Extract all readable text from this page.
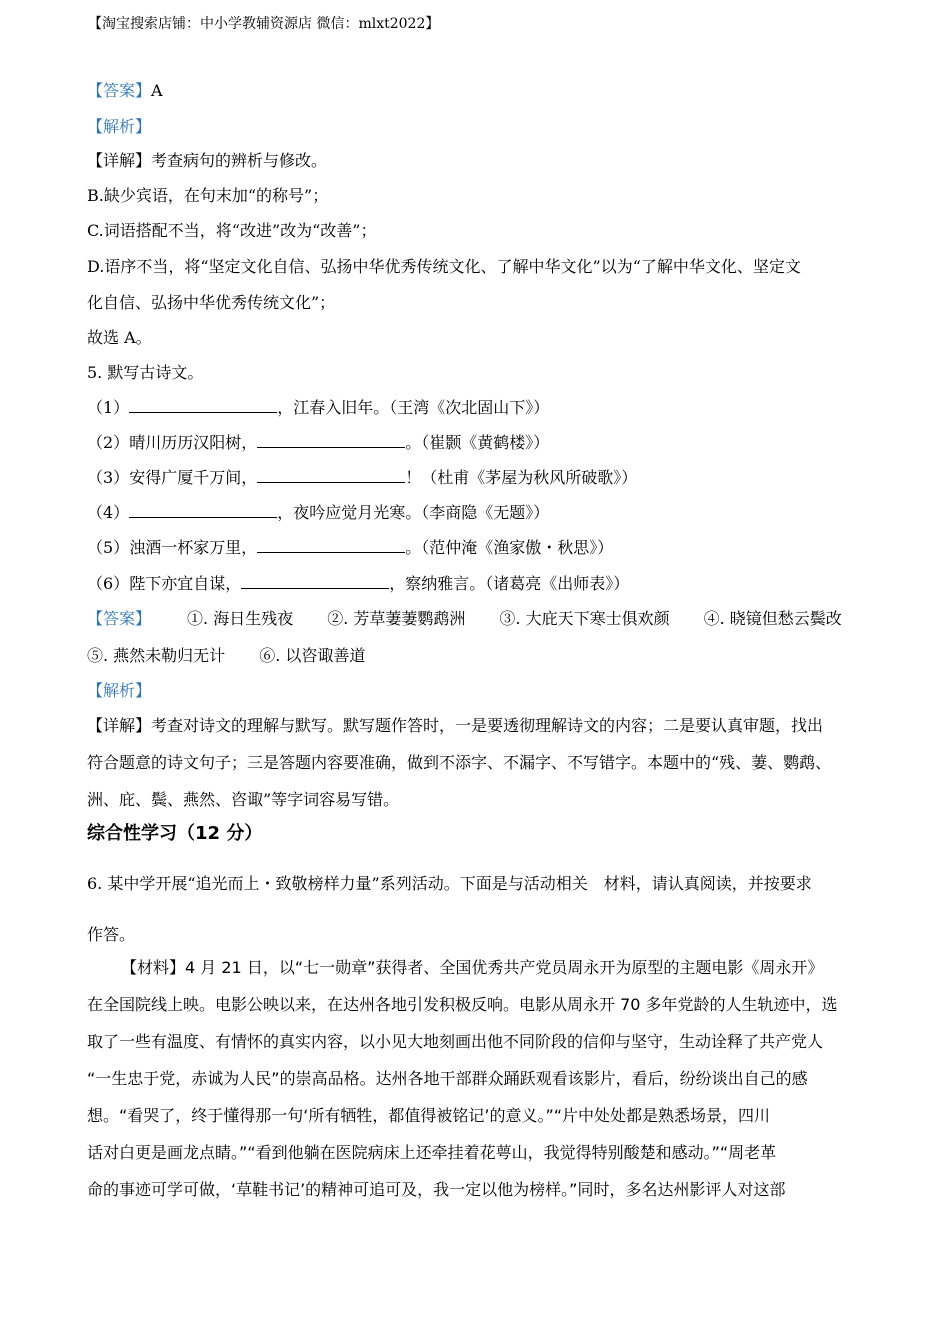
【淘宝搜索店铺：中小学教辅资源店 微信：mlxt2022】
【答案】A
【解析】
【详解】考查病句的辨析与修改。
B.缺少宾语，在句末加“的称号”；
C.词语搭配不当，将“改进”改为“改善”；
D.语序不当，将“坚定文化自信、弘扬中华优秀传统文化、了解中华文化”以为“了解中华文化、坚定文
化自信、弘扬中华优秀传统文化”；
故选 A。
5. 默写古诗文。
（1）	，江春入旧年。（王湾《次北固山下》）
（2）晴川历历汉阳树，	。（崔颢《黄鹤楼》）
（3）安得广厦千万间，	！（杜甫《茅屋为秋风所破歌》）
（4）	，夜吟应觉月光寒。（李商隐《无题》）
（5）浊酒一杯家万里，	。（范仲淹《渔家傲・秋思》）
（6）陛下亦宜自谋，	，察纳雅言。（诸葛亮《出师表》）
【答案】 ①. 海日生残夜 ②. 芳草萋萋鹦鹉洲 ③. 大庇天下寒士俱欢颜 ④. 晓镜但愁云鬓改
⑤. 燕然未勒归无计 ⑥. 以咨诹善道
【解析】
【详解】考查对诗文的理解与默写。默写题作答时，一是要透彻理解诗文的内容；二是要认真审题，找出
符合题意的诗文句子；三是答题内容要准确，做到不添字、不漏字、不写错字。本题中的“残、萋、鹦鹉、
洲、庇、鬓、燕然、咨诹”等字词容易写错。
综合性学习（12 分）
6. 某中学开展“追光而上・致敬榜样力量”系列活动。下面是与活动相关　材料，请认真阅读，并按要求
作答。
【材料】4 月 21 日，以“七一勋章”获得者、全国优秀共产党员周永开为原型的主题电影《周永开》
在全国院线上映。电影公映以来，在达州各地引发积极反响。电影从周永开 70 多年党龄的人生轨迹中，选
取了一些有温度、有情怀的真实内容，以小见大地刻画出他不同阶段的信仰与坚守，生动诠释了共产党人
“一生忠于党，赤诚为人民”的崇高品格。达州各地干部群众踊跃观看该影片，看后，纷纷谈出自己的感
想。“看哭了，终于懂得那一句‘所有牺牲，都值得被铭记’的意义。”“片中处处都是熟悉场景，四川
话对白更是画龙点睛。”“看到他躺在医院病床上还牵挂着花萼山，我觉得特别酸楚和感动。”“周老革
命的事迹可学可做，‘草鞋书记’的精神可追可及，我一定以他为榜样。”同时，多名达州影评人对这部
